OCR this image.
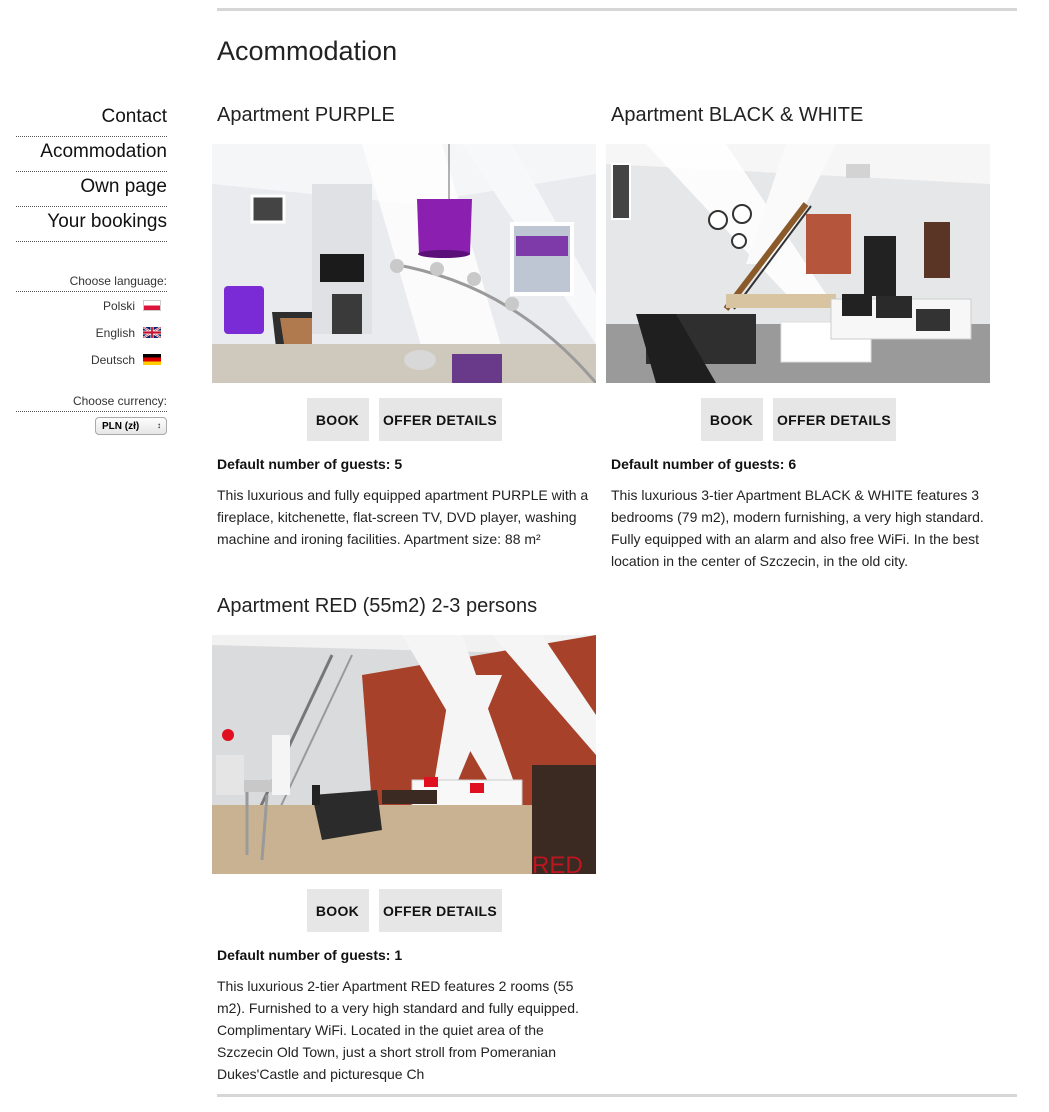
Acommodation
Contact
Acommodation
Own page
Your bookings
Choose language:
Polski
English
Deutsch
Choose currency:
PLN (zł) ↕
Apartment PURPLE
BOOK	OFFER DETAILS
Default number of guests: 5

This luxurious and fully equipped apartment PURPLE with a fireplace, kitchenette, flat-screen TV, DVD player, washing machine and ironing facilities. Apartment size: 88 m²

Apartment BLACK & WHITE
BOOK	OFFER DETAILS
Default number of guests: 6

This luxurious 3-tier Apartment BLACK & WHITE features 3 bedrooms (79 m2), modern furnishing, a very high standard. Fully equipped with an alarm and also free WiFi. In the best location in the center of Szczecin, in the old city.

Apartment RED (55m2) 2-3 persons
RED
BOOK	OFFER DETAILS
Default number of guests: 1

This luxurious 2-tier Apartment RED features 2 rooms (55 m2). Furnished to a very high standard and fully equipped. Complimentary WiFi. Located in the quiet area of the Szczecin Old Town, just a short stroll from Pomeranian Dukes'Castle and picturesque Ch
